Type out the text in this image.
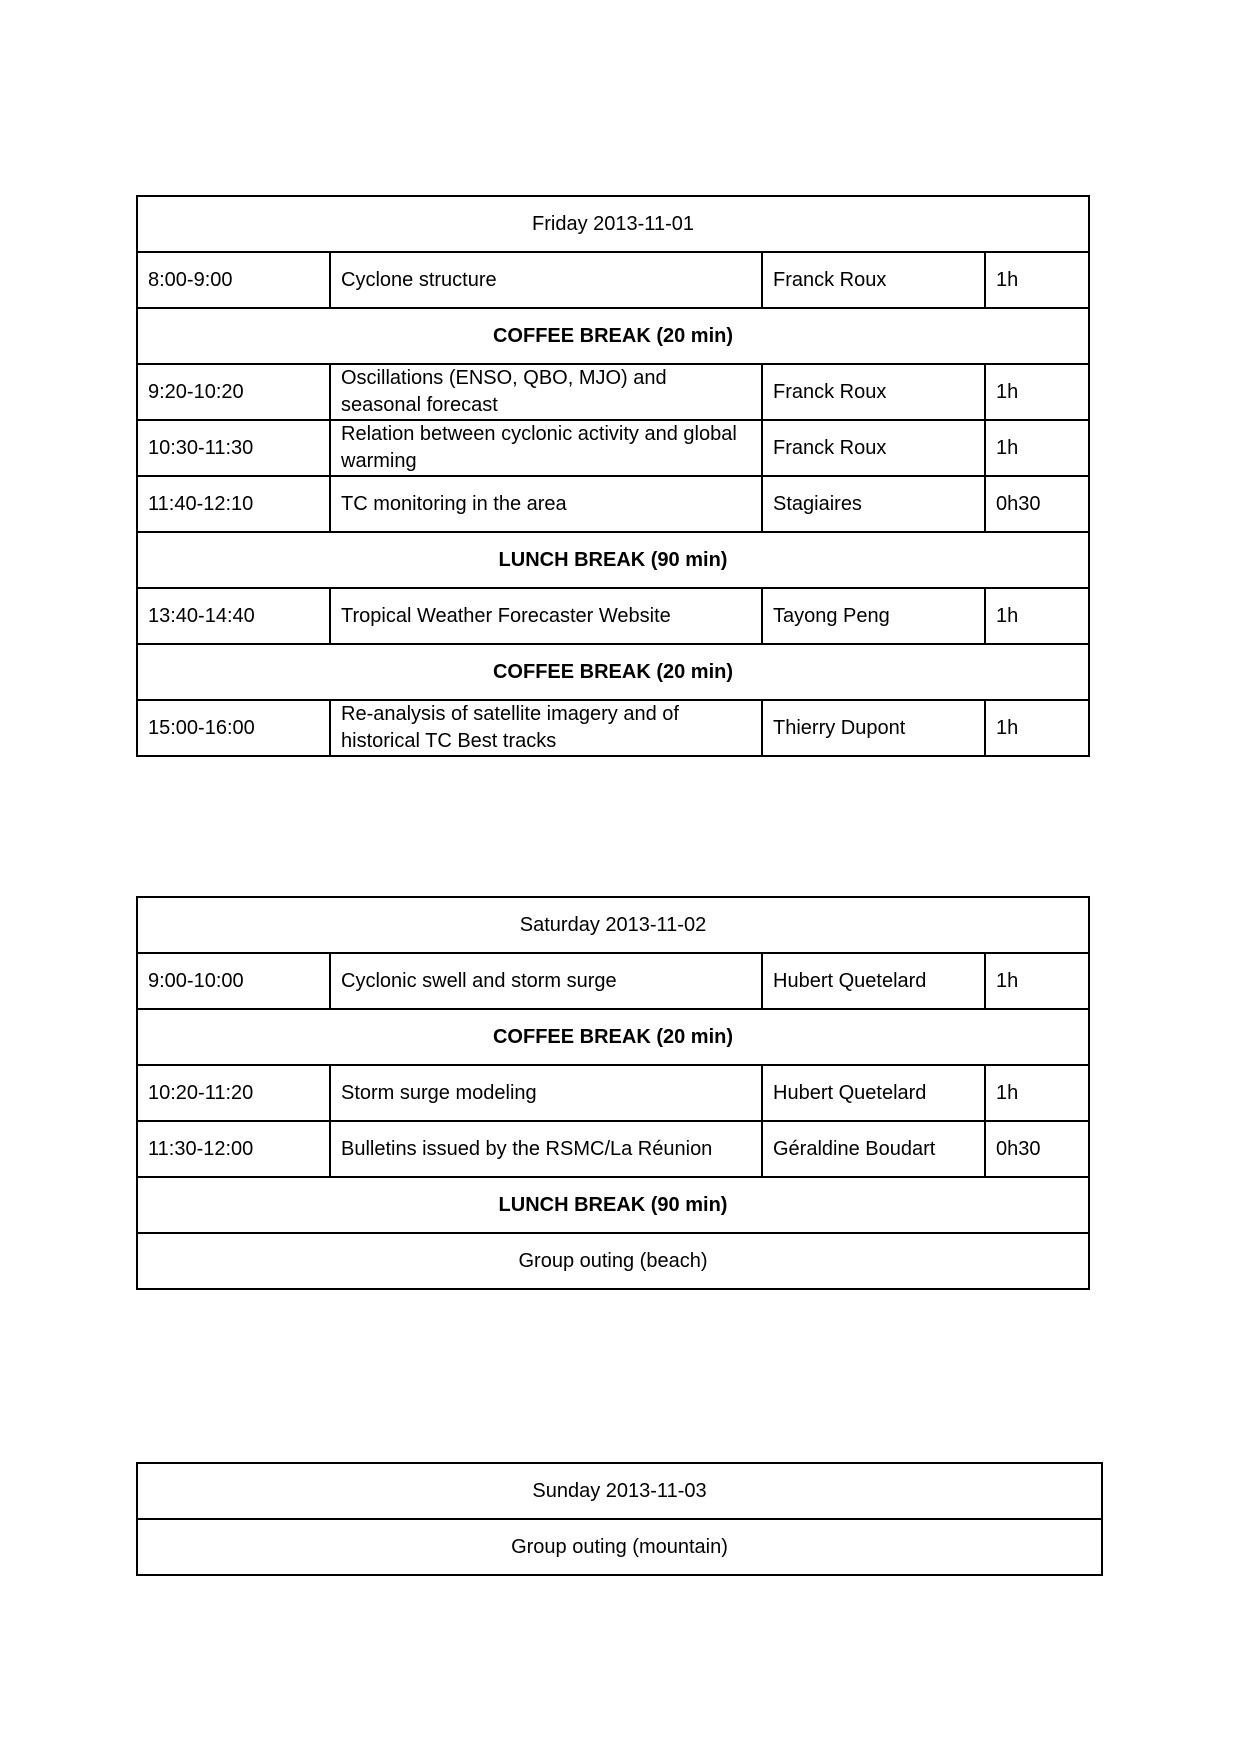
Friday 2013-11-01			
8:00-9:00	Cyclone structure	Franck Roux	1h
COFFEE BREAK (20 min)			
9:20-10:20	Oscillations (ENSO, QBO, MJO) and seasonal forecast	Franck Roux	1h
10:30-11:30	Relation between cyclonic activity and global warming	Franck Roux	1h
11:40-12:10	TC monitoring in the area	Stagiaires	0h30
LUNCH BREAK (90 min)			
13:40-14:40	Tropical Weather Forecaster Website	Tayong Peng	1h
COFFEE BREAK (20 min)			
15:00-16:00	Re-analysis of satellite imagery and of historical TC Best tracks	Thierry Dupont	1h
Saturday 2013-11-02			
9:00-10:00	Cyclonic swell and storm surge	Hubert Quetelard	1h
COFFEE BREAK (20 min)			
10:20-11:20	Storm surge modeling	Hubert Quetelard	1h
11:30-12:00	Bulletins issued by the RSMC/La Réunion	Géraldine Boudart	0h30
LUNCH BREAK (90 min)			
Group outing (beach)			
Sunday 2013-11-03
Group outing (mountain)
